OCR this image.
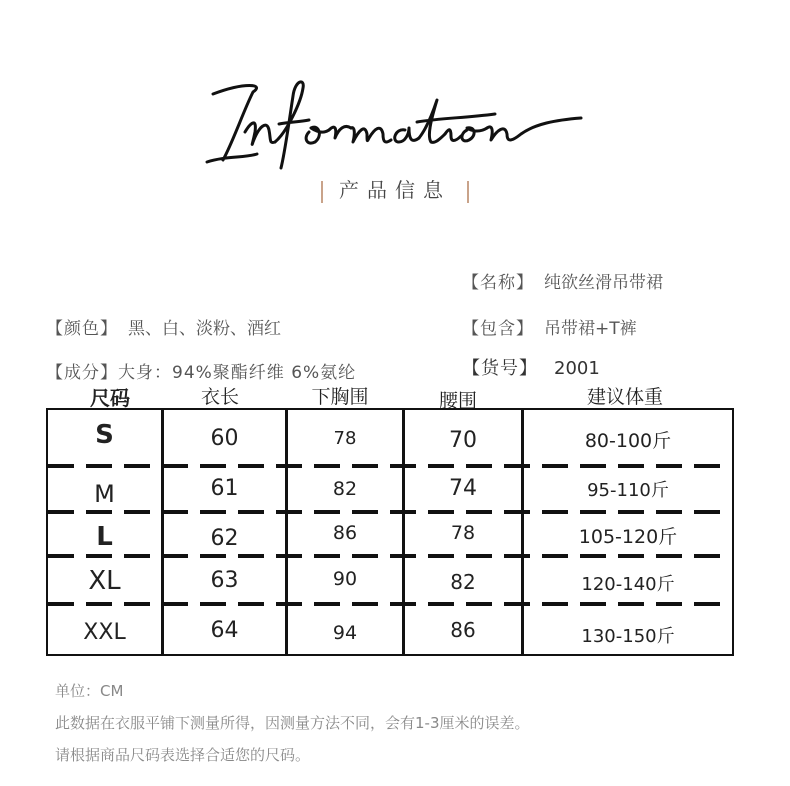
产品信息
【名称】 纯欲丝滑吊带裙
【颜色】 黑、白、淡粉、酒红	【包含】 吊带裙+T裤
【成分】大身：94%聚酯纤维 6%氨纶	【货号】 2001
尺码	衣长	下胸围	腰围	建议体重
S	60	78	70	80-100斤
M	61	82	74	95-110斤
L	62	86	78	105-120斤
XL	63	90	82	120-140斤
XXL	64	94	86	130-150斤
单位：CM
此数据在衣服平铺下测量所得，因测量方法不同，会有1-3厘米的误差。
请根据商品尺码表选择合适您的尺码。
